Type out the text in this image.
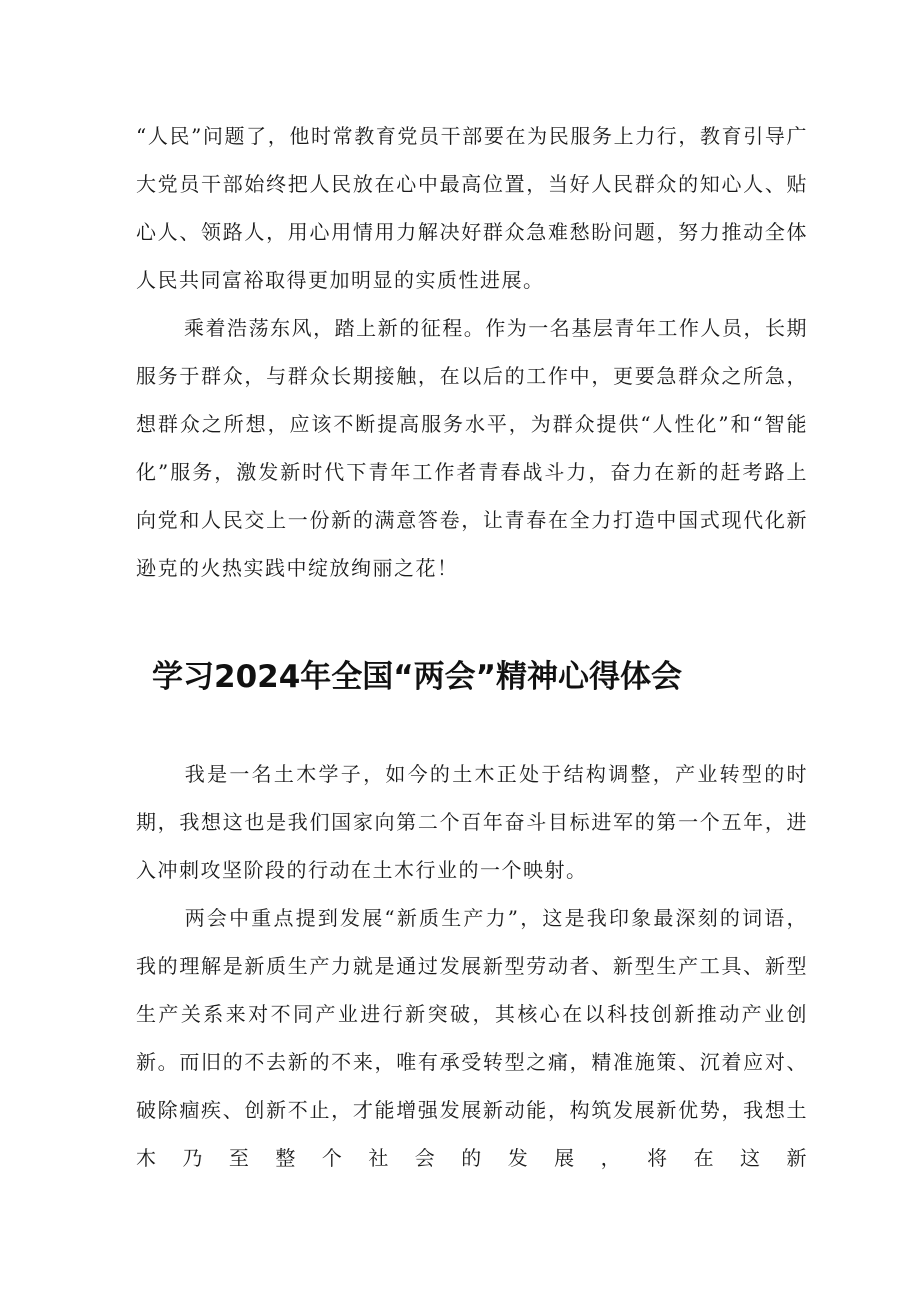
“人民”问题了，他时常教育党员干部要在为民服务上力行，教育引导广大党员干部始终把人民放在心中最高位置，当好人民群众的知心人、贴心人、领路人，用心用情用力解决好群众急难愁盼问题，努力推动全体人民共同富裕取得更加明显的实质性进展。

乘着浩荡东风，踏上新的征程。作为一名基层青年工作人员，长期服务于群众，与群众长期接触，在以后的工作中，更要急群众之所急，想群众之所想，应该不断提高服务水平，为群众提供“人性化”和“智能化”服务，激发新时代下青年工作者青春战斗力，奋力在新的赶考路上向党和人民交上一份新的满意答卷，让青春在全力打造中国式现代化新逊克的火热实践中绽放绚丽之花！

学习2024年全国“两会”精神心得体会

我是一名土木学子，如今的土木正处于结构调整，产业转型的时期，我想这也是我们国家向第二个百年奋斗目标进军的第一个五年，进入冲刺攻坚阶段的行动在土木行业的一个映射。

两会中重点提到发展“新质生产力”，这是我印象最深刻的词语，我的理解是新质生产力就是通过发展新型劳动者、新型生产工具、新型生产关系来对不同产业进行新突破，其核心在以科技创新推动产业创新。而旧的不去新的不来，唯有承受转型之痛，精准施策、沉着应对、破除痼疾、创新不止，才能增强发展新动能，构筑发展新优势，我想土木乃至整个社会的发展，将在这新
